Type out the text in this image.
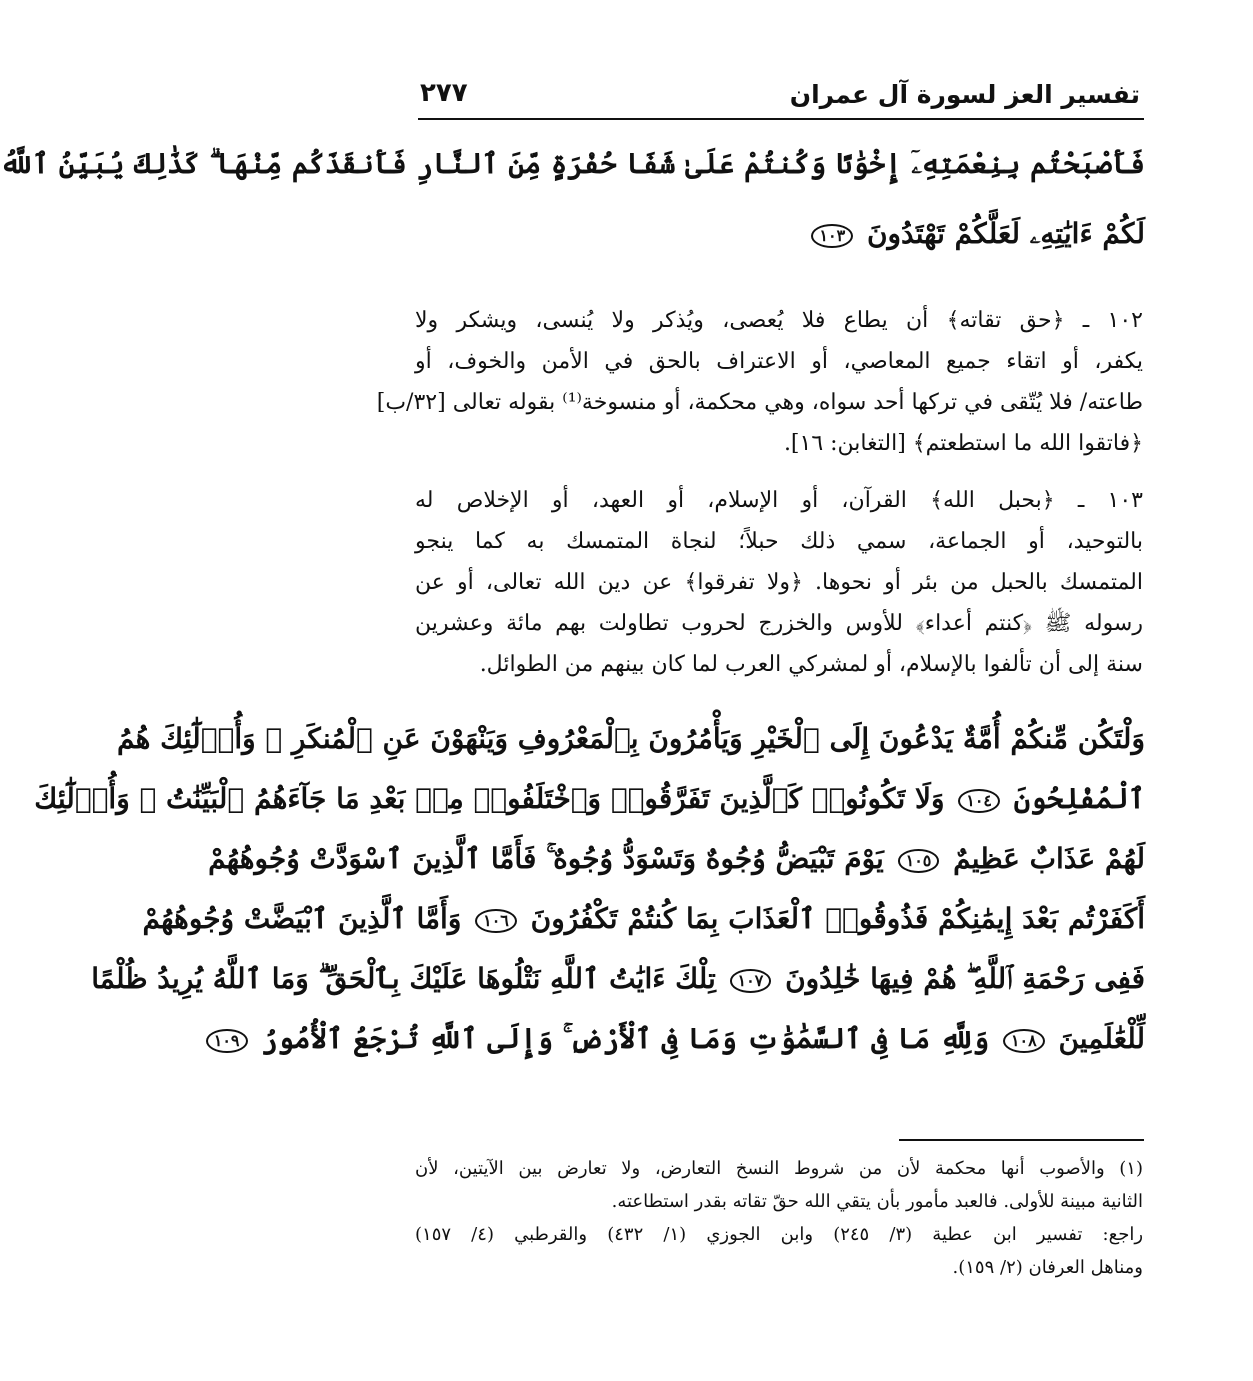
تفسير العز لسورة آل عمران
٢٧٧
فَأَصْبَحْتُم بِنِعْمَتِهِۦٓ إِخْوَٰنًا وَكُنتُمْ عَلَىٰ شَفَا حُفْرَةٍ مِّنَ ٱلنَّارِ فَأَنقَذَكُم مِّنْهَا ۗ كَذَٰلِكَ يُبَيِّنُ ٱللَّهُ
لَكُمْ ءَايَٰتِهِۦ لَعَلَّكُمْ تَهْتَدُونَ ١٠٣
١٠٢ ـ ﴿حق تقاته﴾ أن يطاع فلا يُعصى، ويُذكر ولا يُنسى، ويشكر ولا
يكفر، أو اتقاء جميع المعاصي، أو الاعتراف بالحق في الأمن والخوف، أو
طاعته/ فلا يُتّقى في تركها أحد سواه، وهي محكمة، أو منسوخة⁽¹⁾ بقوله تعالى [٣٢/ب]
﴿فاتقوا الله ما استطعتم﴾ [التغابن: ١٦].
١٠٣ ـ ﴿بحبل الله﴾ القرآن، أو الإسلام، أو العهد، أو الإخلاص له
بالتوحيد، أو الجماعة، سمي ذلك حبلاً؛ لنجاة المتمسك به كما ينجو
المتمسك بالحبل من بئر أو نحوها. ﴿ولا تفرقوا﴾ عن دين الله تعالى، أو عن
رسوله ﷺ ﴿كنتم أعداء﴾ للأوس والخزرج لحروب تطاولت بهم مائة وعشرين
سنة إلى أن تألفوا بالإسلام، أو لمشركي العرب لما كان بينهم من الطوائل.
وَلْتَكُن مِّنكُمْ أُمَّةٌ يَدْعُونَ إِلَى ٱلْخَيْرِ وَيَأْمُرُونَ بِٱلْمَعْرُوفِ وَيَنْهَوْنَ عَنِ ٱلْمُنكَرِ ۚ وَأُو۟لَٰٓئِكَ هُمُ
ٱلْمُفْلِحُونَ ١٠٤ وَلَا تَكُونُوا۟ كَٱلَّذِينَ تَفَرَّقُوا۟ وَٱخْتَلَفُوا۟ مِنۢ بَعْدِ مَا جَآءَهُمُ ٱلْبَيِّنَٰتُ ۚ وَأُو۟لَٰٓئِكَ
لَهُمْ عَذَابٌ عَظِيمٌ ١٠٥ يَوْمَ تَبْيَضُّ وُجُوهٌ وَتَسْوَدُّ وُجُوهٌ ۚ فَأَمَّا ٱلَّذِينَ ٱسْوَدَّتْ وُجُوهُهُمْ
أَكَفَرْتُم بَعْدَ إِيمَٰنِكُمْ فَذُوقُوا۟ ٱلْعَذَابَ بِمَا كُنتُمْ تَكْفُرُونَ ١٠٦ وَأَمَّا ٱلَّذِينَ ٱبْيَضَّتْ وُجُوهُهُمْ
فَفِى رَحْمَةِ ٱللَّهِ ۖ هُمْ فِيهَا خَٰلِدُونَ ١٠٧ تِلْكَ ءَايَٰتُ ٱللَّهِ نَتْلُوهَا عَلَيْكَ بِٱلْحَقِّ ۗ وَمَا ٱللَّهُ يُرِيدُ ظُلْمًا
لِّلْعَٰلَمِينَ ١٠٨ وَلِلَّهِ مَا فِى ٱلسَّمَٰوَٰتِ وَمَا فِى ٱلْأَرْضِ ۚ وَإِلَى ٱللَّهِ تُرْجَعُ ٱلْأُمُورُ ١٠٩
(١) والأصوب أنها محكمة لأن من شروط النسخ التعارض، ولا تعارض بين الآيتين، لأن
الثانية مبينة للأولى. فالعبد مأمور بأن يتقي الله حقّ تقاته بقدر استطاعته.
راجع: تفسير ابن عطية (٣/ ٢٤٥) وابن الجوزي (١/ ٤٣٢) والقرطبي (٤/ ١٥٧)
ومناهل العرفان (٢/ ١٥٩).
